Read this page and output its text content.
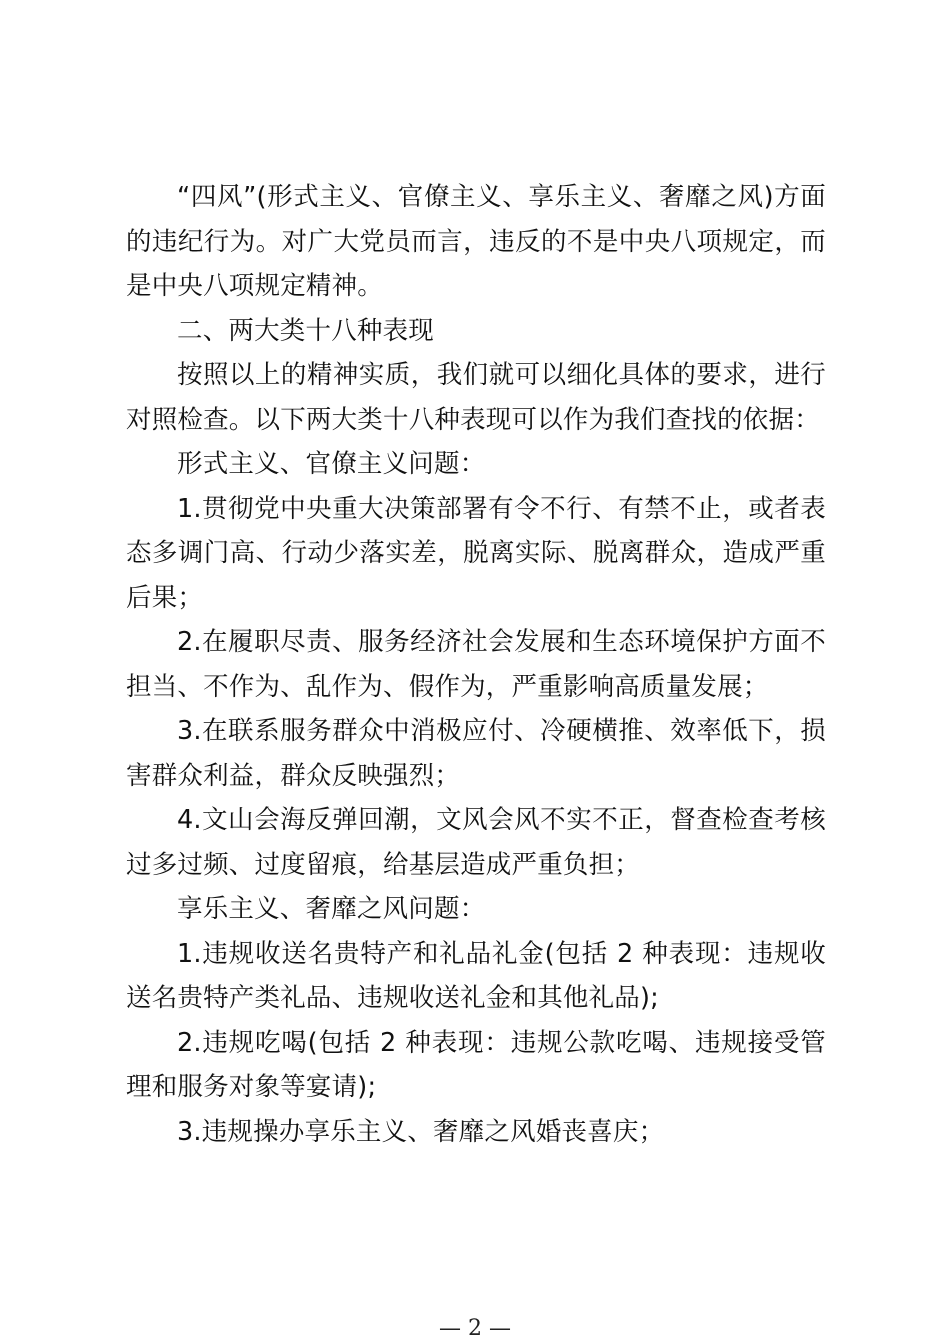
“四风”(形式主义、官僚主义、享乐主义、奢靡之风)方面的违纪行为。对广大党员而言，违反的不是中央八项规定，而是中央八项规定精神。

二、两大类十八种表现

按照以上的精神实质，我们就可以细化具体的要求，进行对照检查。以下两大类十八种表现可以作为我们查找的依据：

形式主义、官僚主义问题：

1.贯彻党中央重大决策部署有令不行、有禁不止，或者表态多调门高、行动少落实差，脱离实际、脱离群众，造成严重后果；

2.在履职尽责、服务经济社会发展和生态环境保护方面不担当、不作为、乱作为、假作为，严重影响高质量发展；

3.在联系服务群众中消极应付、冷硬横推、效率低下，损害群众利益，群众反映强烈；

4.文山会海反弹回潮，文风会风不实不正，督查检查考核过多过频、过度留痕，给基层造成严重负担；

享乐主义、奢靡之风问题：

1.违规收送名贵特产和礼品礼金(包括 2 种表现：违规收送名贵特产类礼品、违规收送礼金和其他礼品);

2.违规吃喝(包括 2 种表现：违规公款吃喝、违规接受管理和服务对象等宴请);

3.违规操办享乐主义、奢靡之风婚丧喜庆；

— 2 —
